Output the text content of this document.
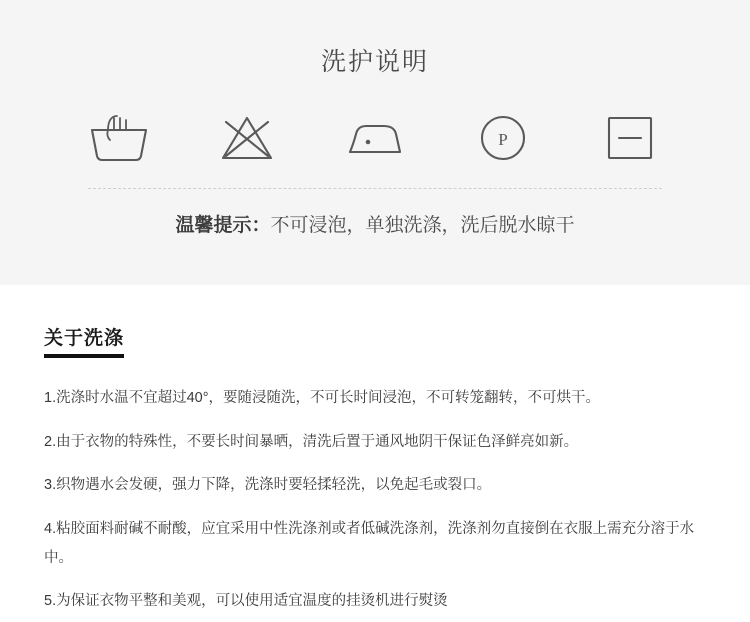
洗护说明
P
温馨提示：不可浸泡，单独洗涤，洗后脱水晾干
关于洗涤

1.洗涤时水温不宜超过40°，要随浸随洗，不可长时间浸泡，不可转笼翻转，不可烘干。

2.由于衣物的特殊性，不要长时间暴晒，清洗后置于通风地阴干保证色泽鲜亮如新。

3.织物遇水会发硬，强力下降，洗涤时要轻揉轻洗，以免起毛或裂口。

4.粘胶面料耐碱不耐酸，应宜采用中性洗涤剂或者低碱洗涤剂，洗涤剂勿直接倒在衣服上需充分溶于水中。

5.为保证衣物平整和美观，可以使用适宜温度的挂烫机进行熨烫
